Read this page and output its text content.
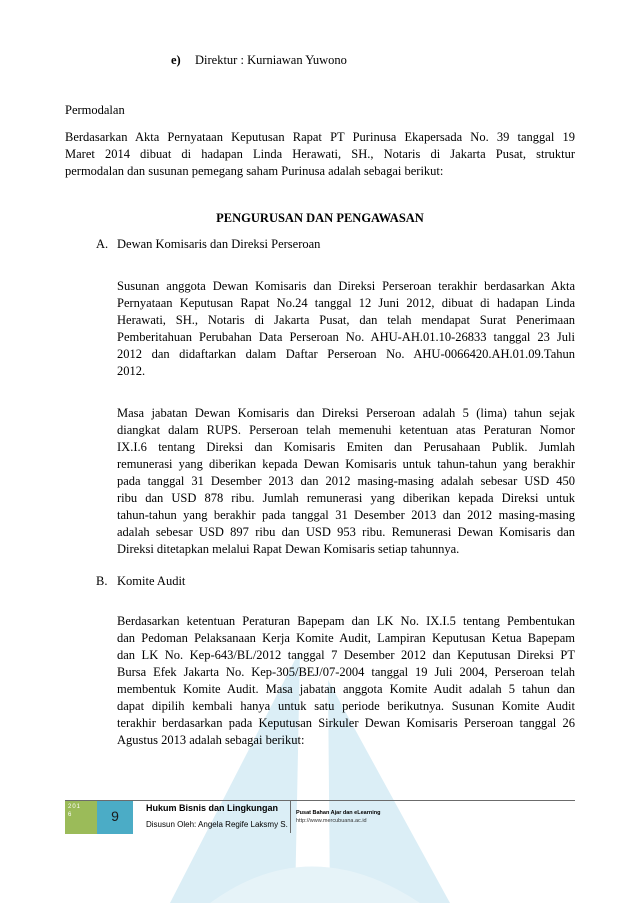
e) Direktur : Kurniawan Yuwono
Permodalan
Berdasarkan Akta Pernyataan Keputusan Rapat PT Purinusa Ekapersada No. 39 tanggal 19
Maret 2014 dibuat di hadapan Linda Herawati, SH., Notaris di Jakarta Pusat, struktur
permodalan dan susunan pemegang saham Purinusa adalah sebagai berikut:
PENGURUSAN DAN PENGAWASAN
A. Dewan Komisaris dan Direksi Perseroan
Susunan anggota Dewan Komisaris dan Direksi Perseroan terakhir berdasarkan Akta
Pernyataan Keputusan Rapat No.24 tanggal 12 Juni 2012, dibuat di hadapan Linda
Herawati, SH., Notaris di Jakarta Pusat, dan telah mendapat Surat Penerimaan
Pemberitahuan Perubahan Data Perseroan No. AHU-AH.01.10-26833 tanggal 23 Juli
2012 dan didaftarkan dalam Daftar Perseroan No. AHU-0066420.AH.01.09.Tahun
2012.
Masa jabatan Dewan Komisaris dan Direksi Perseroan adalah 5 (lima) tahun sejak
diangkat dalam RUPS. Perseroan telah memenuhi ketentuan atas Peraturan Nomor
IX.I.6 tentang Direksi dan Komisaris Emiten dan Perusahaan Publik. Jumlah
remunerasi yang diberikan kepada Dewan Komisaris untuk tahun-tahun yang berakhir
pada tanggal 31 Desember 2013 dan 2012 masing-masing adalah sebesar USD 450
ribu dan USD 878 ribu. Jumlah remunerasi yang diberikan kepada Direksi untuk
tahun-tahun yang berakhir pada tanggal 31 Desember 2013 dan 2012 masing-masing
adalah sebesar USD 897 ribu dan USD 953 ribu. Remunerasi Dewan Komisaris dan
Direksi ditetapkan melalui Rapat Dewan Komisaris setiap tahunnya.
B. Komite Audit
Berdasarkan ketentuan Peraturan Bapepam dan LK No. IX.I.5 tentang Pembentukan
dan Pedoman Pelaksanaan Kerja Komite Audit, Lampiran Keputusan Ketua Bapepam
dan LK No. Kep-643/BL/2012 tanggal 7 Desember 2012 dan Keputusan Direksi PT
Bursa Efek Jakarta No. Kep-305/BEJ/07-2004 tanggal 19 Juli 2004, Perseroan telah
membentuk Komite Audit. Masa jabatan anggota Komite Audit adalah 5 tahun dan
dapat dipilih kembali hanya untuk satu periode berikutnya. Susunan Komite Audit
terakhir berdasarkan pada Keputusan Sirkuler Dewan Komisaris Perseroan tanggal 26
Agustus 2013 adalah sebagai berikut:
201
6	9	Hukum Bisnis dan Lingkungan
Disusun Oleh: Angela Regife Laksmy S.
Pusat Bahan Ajar dan eLearning
http://www.mercubuana.ac.id
